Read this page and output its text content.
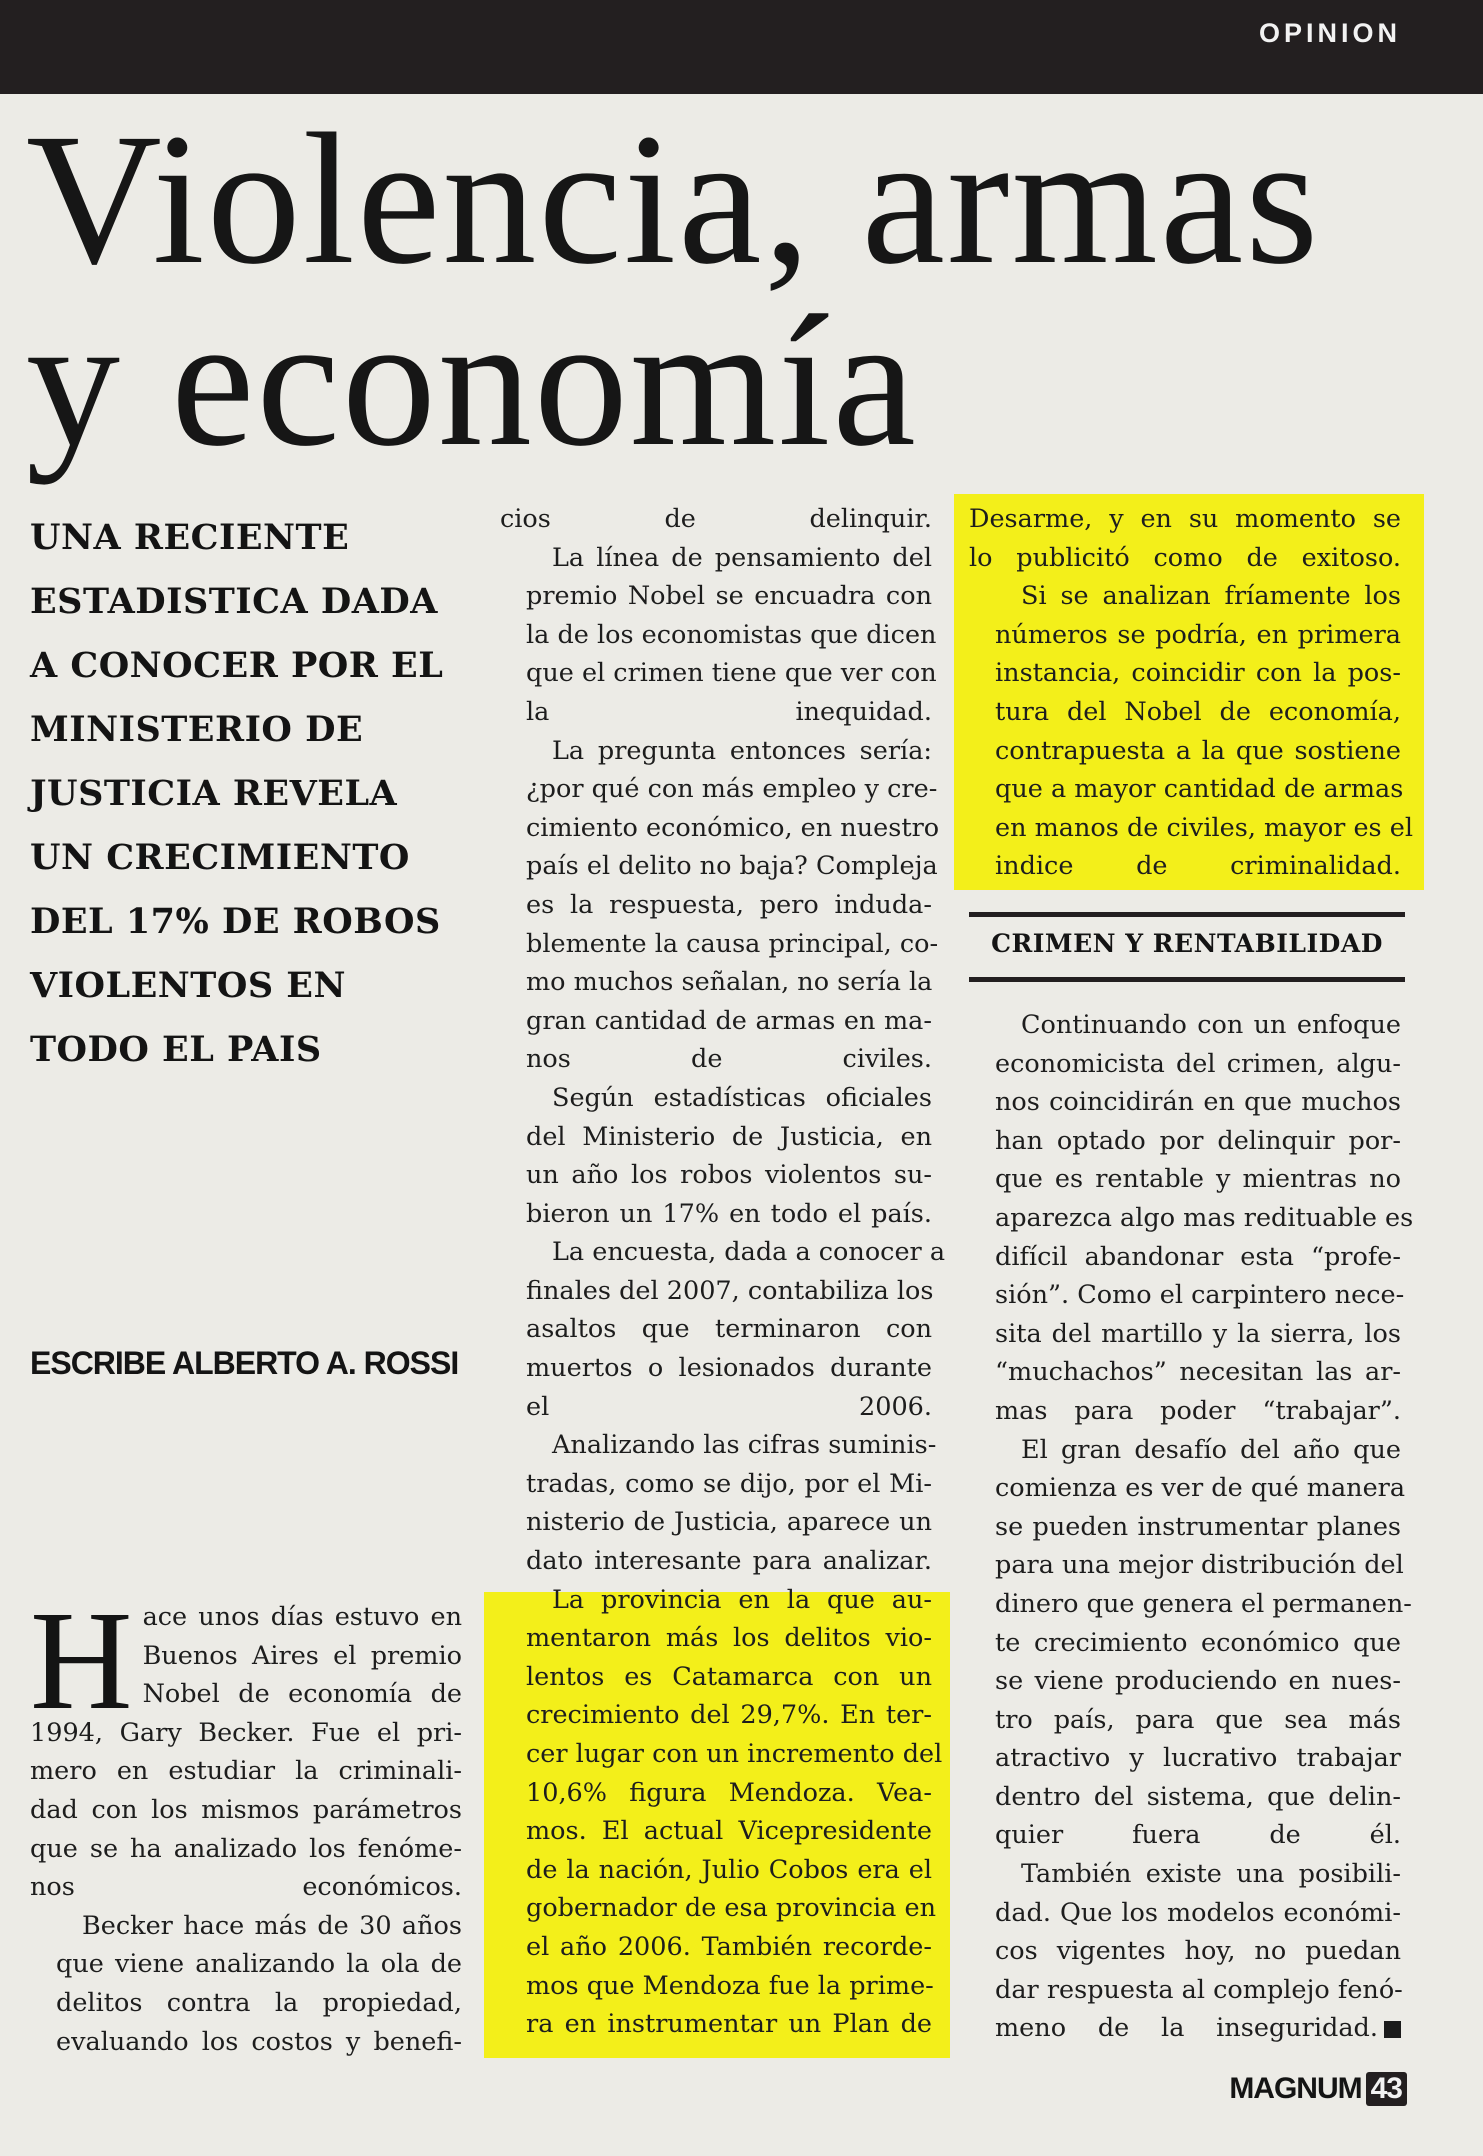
OPINION
Violencia, armas
y economía
UNA RECIENTE
ESTADISTICA DADA
A CONOCER POR EL
MINISTERIO DE
JUSTICIA REVELA
UN CRECIMIENTO
DEL 17% DE ROBOS
VIOLENTOS EN
TODO EL PAIS
ESCRIBE ALBERTO A. ROSSI
H ace unos días estuvo en
Buenos Aires el premio
Nobel de economía de
1994, Gary Becker. Fue el pri-
mero en estudiar la criminali-
dad con los mismos parámetros
que se ha analizado los fenóme-
nos económicos.

Becker hace más de 30 años
que viene analizando la ola de
delitos contra la propiedad,
evaluando los costos y benefi-

cios de delinquir.

La línea de pensamiento del
premio Nobel se encuadra con
la de los economistas que dicen
que el crimen tiene que ver con
la inequidad.

La pregunta entonces sería:
¿por qué con más empleo y cre-
cimiento económico, en nuestro
país el delito no baja? Compleja
es la respuesta, pero induda-
blemente la causa principal, co-
mo muchos señalan, no sería la
gran cantidad de armas en ma-
nos de civiles.

Según estadísticas oficiales
del Ministerio de Justicia, en
un año los robos violentos su-
bieron un 17% en todo el país.

La encuesta, dada a conocer a
finales del 2007, contabiliza los
asaltos que terminaron con
muertos o lesionados durante
el 2006.

Analizando las cifras suminis-
tradas, como se dijo, por el Mi-
nisterio de Justicia, aparece un
dato interesante para analizar.

La provincia en la que au-
mentaron más los delitos vio-
lentos es Catamarca con un
crecimiento del 29,7%. En ter-
cer lugar con un incremento del
10,6% figura Mendoza. Vea-
mos. El actual Vicepresidente
de la nación, Julio Cobos era el
gobernador de esa provincia en
el año 2006. También recorde-
mos que Mendoza fue la prime-
ra en instrumentar un Plan de

Desarme, y en su momento se
lo publicitó como de exitoso.

Si se analizan fríamente los
números se podría, en primera
instancia, coincidir con la pos-
tura del Nobel de economía,
contrapuesta a la que sostiene
que a mayor cantidad de armas
en manos de civiles, mayor es el
indice de criminalidad.

CRIMEN Y RENTABILIDAD

Continuando con un enfoque
economicista del crimen, algu-
nos coincidirán en que muchos
han optado por delinquir por-
que es rentable y mientras no
aparezca algo mas redituable es
difícil abandonar esta “profe-
sión”. Como el carpintero nece-
sita del martillo y la sierra, los
“muchachos” necesitan las ar-
mas para poder “trabajar”.

El gran desafío del año que
comienza es ver de qué manera
se pueden instrumentar planes
para una mejor distribución del
dinero que genera el permanen-
te crecimiento económico que
se viene produciendo en nues-
tro país, para que sea más
atractivo y lucrativo trabajar
dentro del sistema, que delin-
quier fuera de él.

También existe una posibili-
dad. Que los modelos económi-
cos vigentes hoy, no puedan
dar respuesta al complejo fenó-
meno de la inseguridad.

MAGNUM 43
